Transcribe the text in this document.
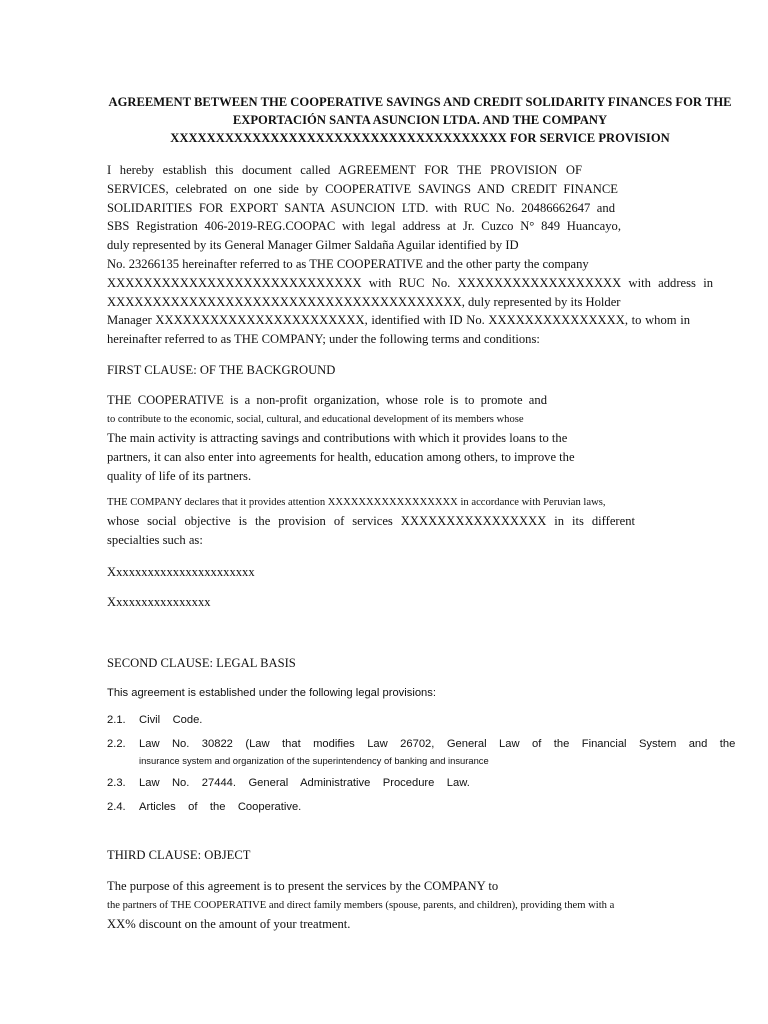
AGREEMENT BETWEEN THE COOPERATIVE SAVINGS AND CREDIT SOLIDARITY FINANCES FOR THE
EXPORTACIÓN SANTA ASUNCION LTDA. AND THE COMPANY
XXXXXXXXXXXXXXXXXXXXXXXXXXXXXXXXXXXXX FOR SERVICE PROVISION
I hereby establish this document called AGREEMENT FOR THE PROVISION OF
SERVICES, celebrated on one side by COOPERATIVE SAVINGS AND CREDIT FINANCE
SOLIDARITIES FOR EXPORT SANTA ASUNCION LTD. with RUC No. 20486662647 and
SBS Registration 406-2019-REG.COOPAC with legal address at Jr. Cuzco N° 849 Huancayo,
duly represented by its General Manager Gilmer Saldaña Aguilar identified by ID
No. 23266135 hereinafter referred to as THE COOPERATIVE and the other party the company
XXXXXXXXXXXXXXXXXXXXXXXXXXXX with RUC No. XXXXXXXXXXXXXXXXXX with address in
XXXXXXXXXXXXXXXXXXXXXXXXXXXXXXXXXXXXXXX, duly represented by its Holder
Manager XXXXXXXXXXXXXXXXXXXXXXX, identified with ID No. XXXXXXXXXXXXXXX, to whom in
hereinafter referred to as THE COMPANY; under the following terms and conditions:
FIRST CLAUSE: OF THE BACKGROUND
THE COOPERATIVE is a non-profit organization, whose role is to promote and
to contribute to the economic, social, cultural, and educational development of its members whose
The main activity is attracting savings and contributions with which it provides loans to the
partners, it can also enter into agreements for health, education among others, to improve the
quality of life of its partners.
THE COMPANY declares that it provides attention XXXXXXXXXXXXXXXXX in accordance with Peruvian laws,
whose social objective is the provision of services XXXXXXXXXXXXXXXX in its different
specialties such as:
Xxxxxxxxxxxxxxxxxxxxxxx
Xxxxxxxxxxxxxxxx
SECOND CLAUSE: LEGAL BASIS
This agreement is established under the following legal provisions:
2.1. Civil    Code.
2.2. Law    No.    30822    (Law    that    modifies    Law    26702,    General    Law    of    the    Financial    System    and    the
insurance system and organization of the superintendency of banking and insurance
2.3. Law    No.    27444.    General    Administrative    Procedure    Law.
2.4. Articles    of    the    Cooperative.
THIRD CLAUSE: OBJECT
The purpose of this agreement is to present the services by the COMPANY to
the partners of THE COOPERATIVE and direct family members (spouse, parents, and children), providing them with a
XX% discount on the amount of your treatment.
